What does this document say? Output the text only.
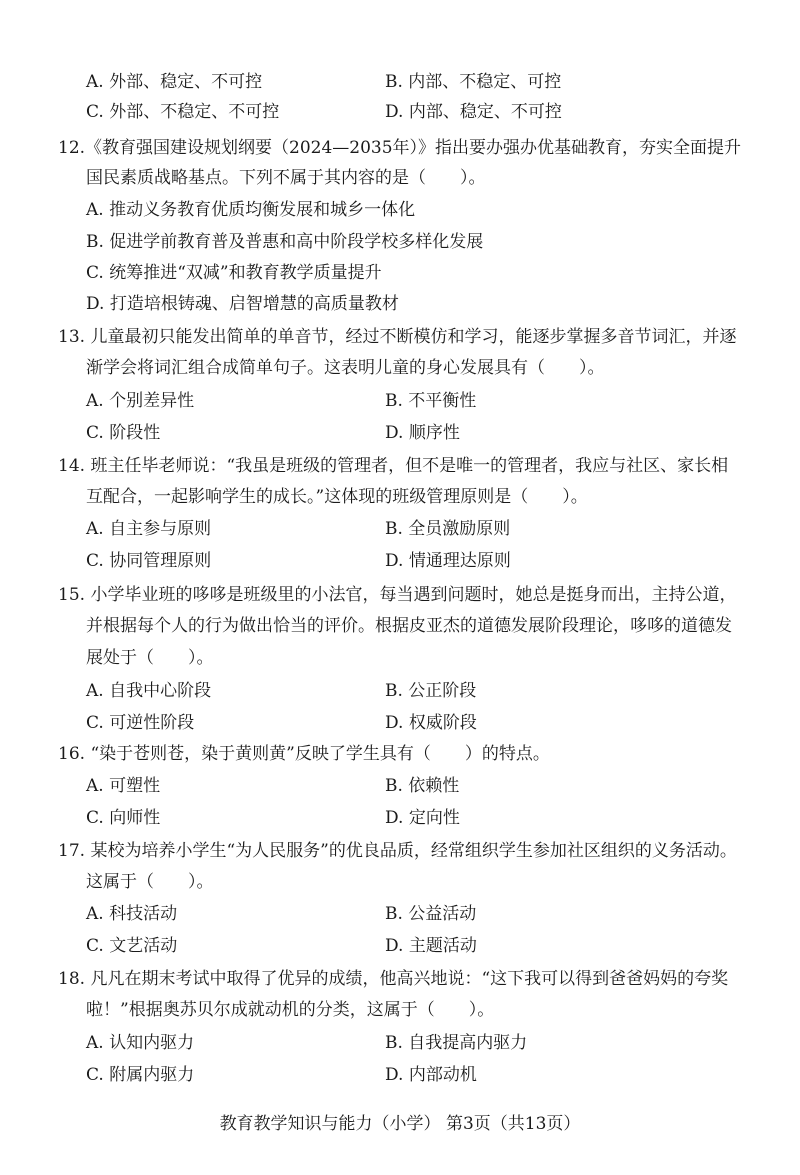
A. 外部、稳定、不可控	B. 内部、不稳定、可控
C. 外部、不稳定、不可控	D. 内部、稳定、不可控
12.《教育强国建设规划纲要（2024—2035年）》指出要办强办优基础教育，夯实全面提升
国民素质战略基点。下列不属于其内容的是（　　）。
A. 推动义务教育优质均衡发展和城乡一体化
B. 促进学前教育普及普惠和高中阶段学校多样化发展
C. 统筹推进“双减”和教育教学质量提升
D. 打造培根铸魂、启智增慧的高质量教材
13. 儿童最初只能发出简单的单音节，经过不断模仿和学习，能逐步掌握多音节词汇，并逐
渐学会将词汇组合成简单句子。这表明儿童的身心发展具有（　　）。
A. 个别差异性	B. 不平衡性
C. 阶段性	D. 顺序性
14. 班主任毕老师说：“我虽是班级的管理者，但不是唯一的管理者，我应与社区、家长相
互配合，一起影响学生的成长。”这体现的班级管理原则是（　　）。
A. 自主参与原则	B. 全员激励原则
C. 协同管理原则	D. 情通理达原则
15. 小学毕业班的哆哆是班级里的小法官，每当遇到问题时，她总是挺身而出，主持公道，
并根据每个人的行为做出恰当的评价。根据皮亚杰的道德发展阶段理论，哆哆的道德发
展处于（　　）。
A. 自我中心阶段	B. 公正阶段
C. 可逆性阶段	D. 权威阶段
16. “染于苍则苍，染于黄则黄”反映了学生具有（　　）的特点。
A. 可塑性	B. 依赖性
C. 向师性	D. 定向性
17. 某校为培养小学生“为人民服务”的优良品质，经常组织学生参加社区组织的义务活动。
这属于（　　）。
A. 科技活动	B. 公益活动
C. 文艺活动	D. 主题活动
18. 凡凡在期末考试中取得了优异的成绩，他高兴地说：“这下我可以得到爸爸妈妈的夸奖
啦！”根据奥苏贝尔成就动机的分类，这属于（　　）。
A. 认知内驱力	B. 自我提高内驱力
C. 附属内驱力	D. 内部动机
教育教学知识与能力（小学） 第3页（共13页）
